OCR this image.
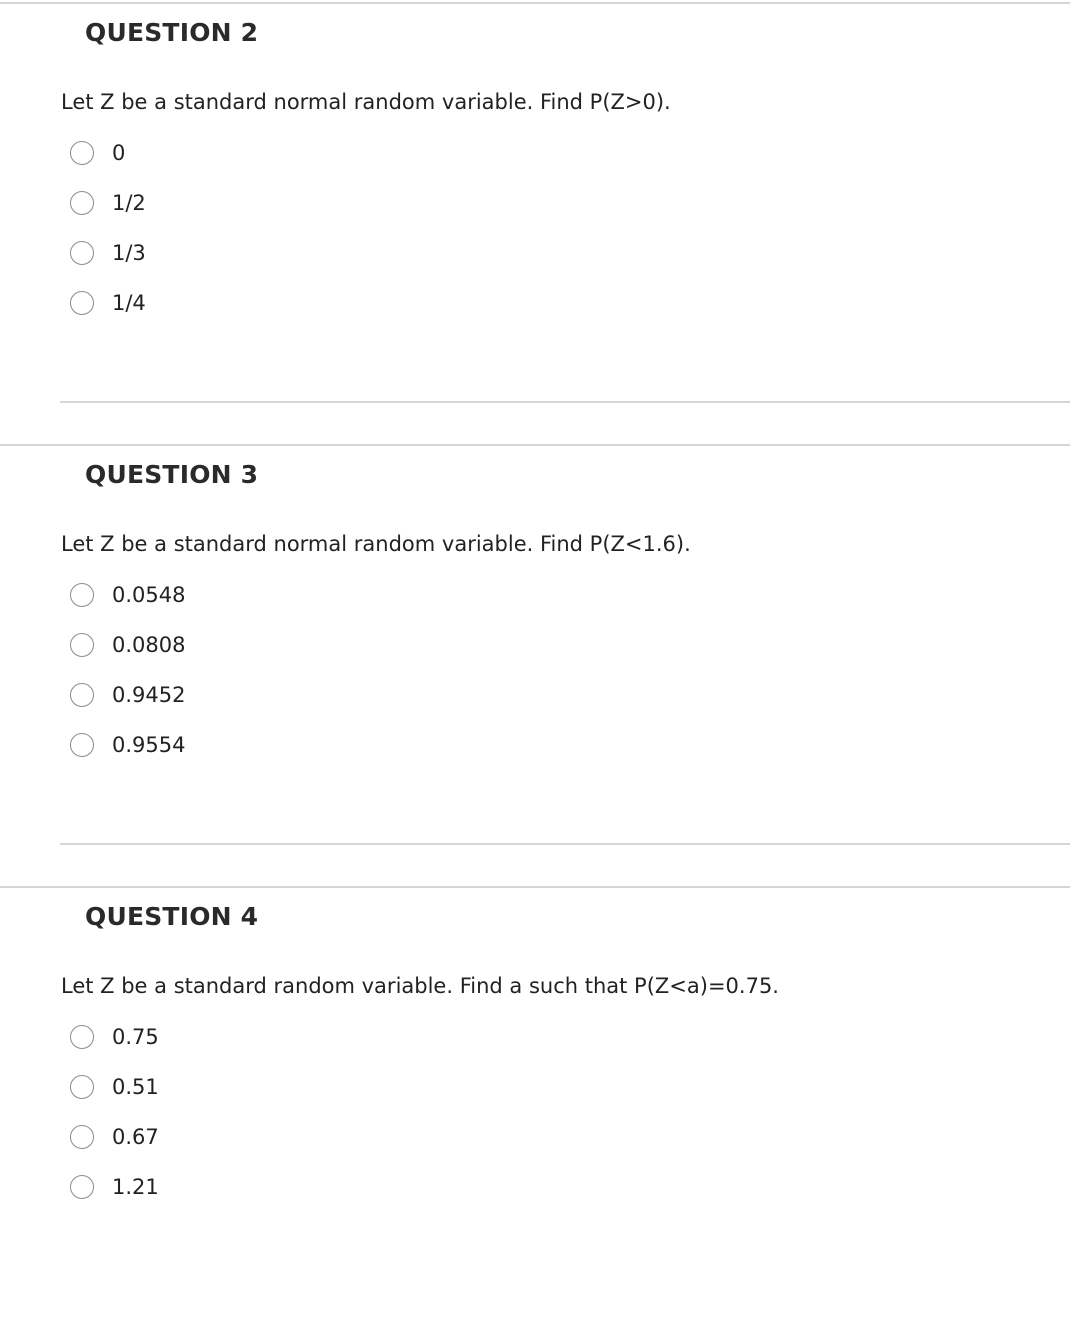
QUESTION 2
Let Z be a standard normal random variable. Find P(Z>0).
0
1/2
1/3
1/4
QUESTION 3
Let Z be a standard normal random variable. Find P(Z<1.6).
0.0548
0.0808
0.9452
0.9554
QUESTION 4
Let Z be a standard random variable. Find a such that P(Z<a)=0.75.
0.75
0.51
0.67
1.21
